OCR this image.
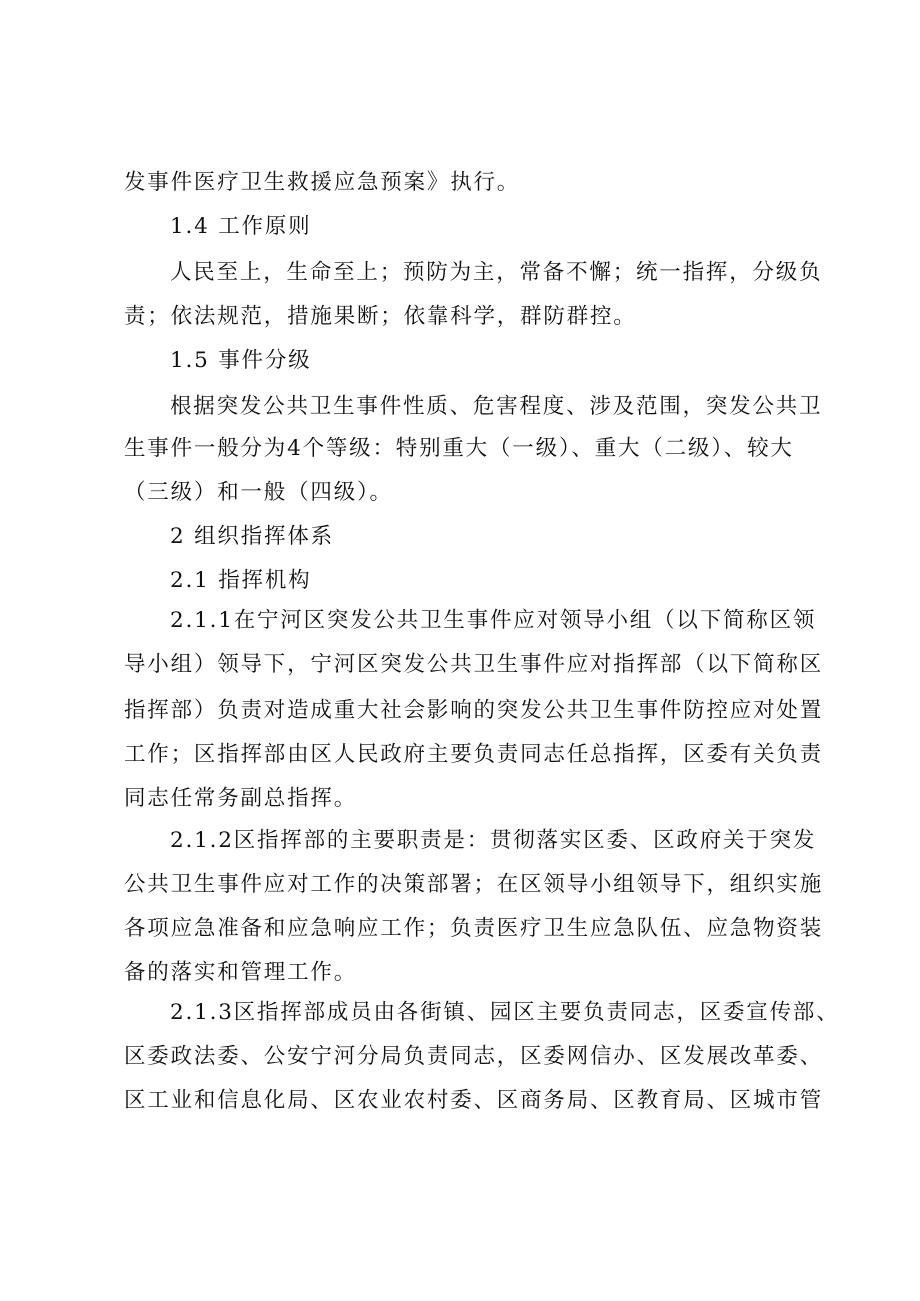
发事件医疗卫生救援应急预案》执行。
1.4 工作原则
人民至上，生命至上；预防为主，常备不懈；统一指挥，分级负
责；依法规范，措施果断；依靠科学，群防群控。
1.5 事件分级
根据突发公共卫生事件性质、危害程度、涉及范围，突发公共卫
生事件一般分为4个等级：特别重大（一级）、重大（二级）、较大
（三级）和一般（四级）。
2 组织指挥体系
2.1 指挥机构
2.1.1在宁河区突发公共卫生事件应对领导小组（以下简称区领
导小组）领导下，宁河区突发公共卫生事件应对指挥部（以下简称区
指挥部）负责对造成重大社会影响的突发公共卫生事件防控应对处置
工作；区指挥部由区人民政府主要负责同志任总指挥，区委有关负责
同志任常务副总指挥。
2.1.2区指挥部的主要职责是：贯彻落实区委、区政府关于突发
公共卫生事件应对工作的决策部署；在区领导小组领导下，组织实施
各项应急准备和应急响应工作；负责医疗卫生应急队伍、应急物资装
备的落实和管理工作。
2.1.3区指挥部成员由各街镇、园区主要负责同志，区委宣传部、
区委政法委、公安宁河分局负责同志，区委网信办、区发展改革委、
区工业和信息化局、区农业农村委、区商务局、区教育局、区城市管
